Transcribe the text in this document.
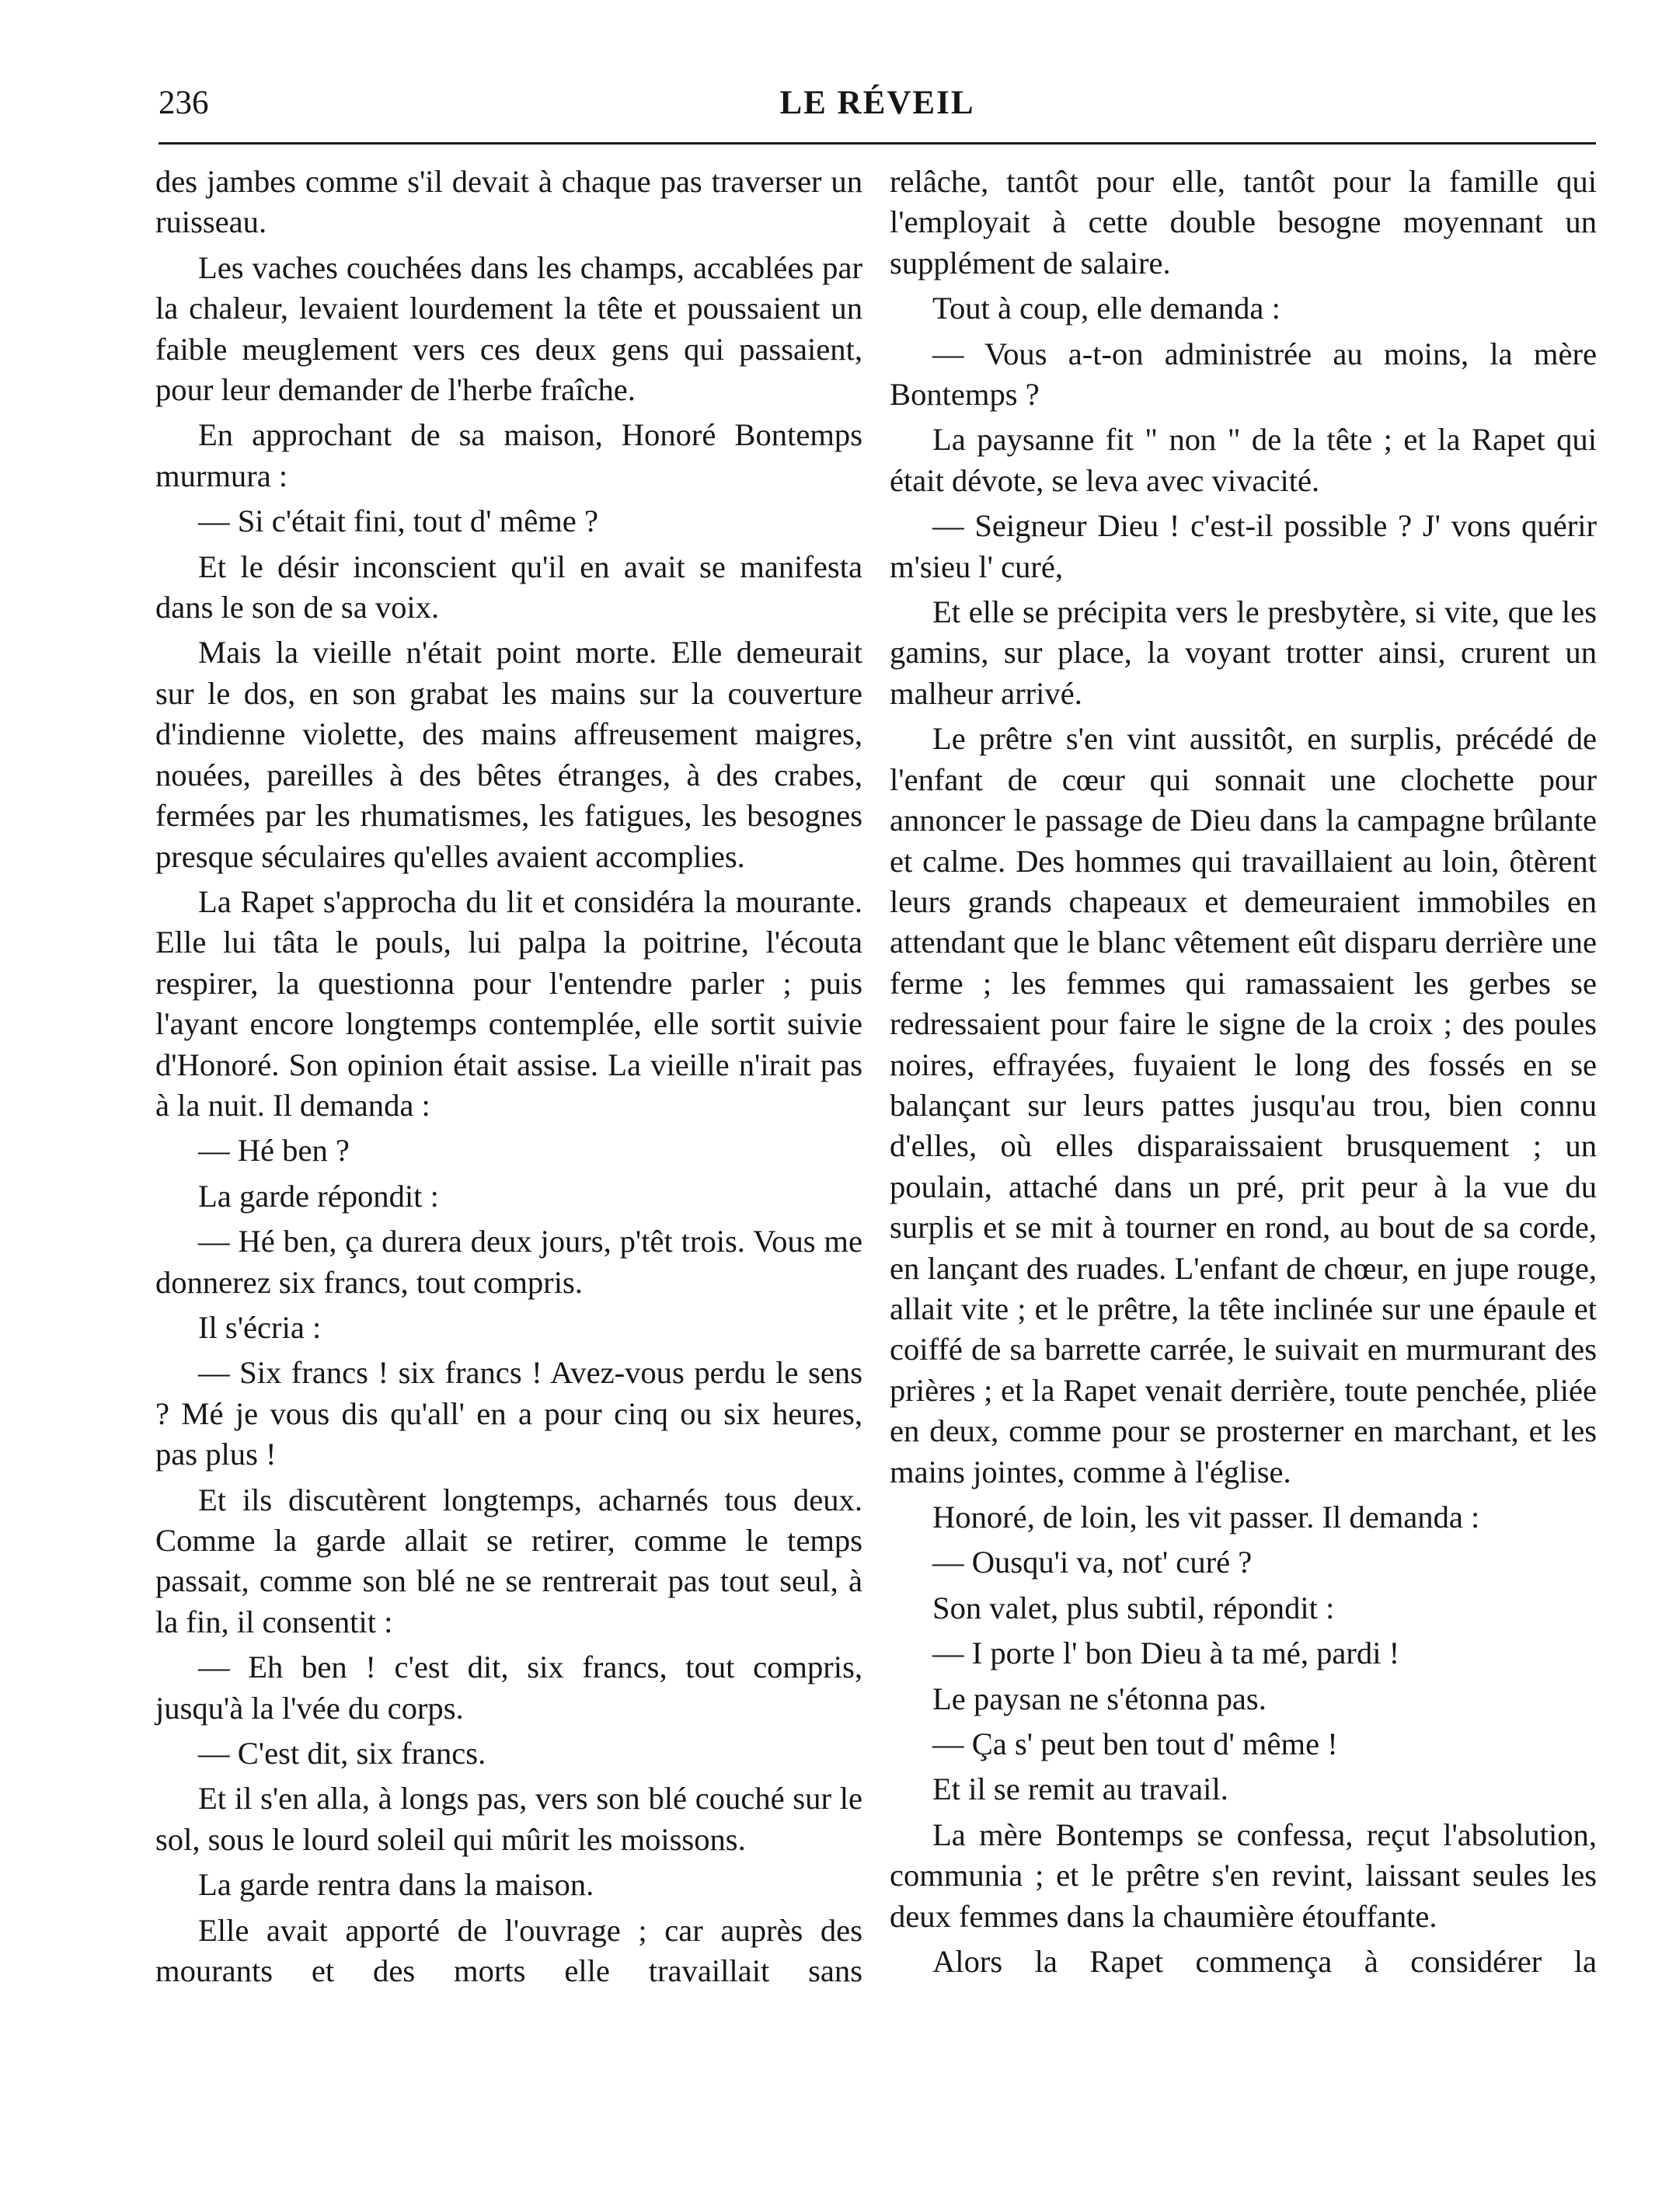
236	LE RÉVEIL

des jambes comme s'il devait à chaque pas traverser un ruisseau.

Les vaches couchées dans les champs, accablées par la chaleur, levaient lourdement la tête et poussaient un faible meuglement vers ces deux gens qui passaient, pour leur demander de l'herbe fraîche.

En approchant de sa maison, Honoré Bontemps murmura :

— Si c'était fini, tout d' même ?

Et le désir inconscient qu'il en avait se manifesta dans le son de sa voix.

Mais la vieille n'était point morte. Elle demeurait sur le dos, en son grabat les mains sur la couverture d'indienne violette, des mains affreusement maigres, nouées, pareilles à des bêtes étranges, à des crabes, fermées par les rhumatismes, les fatigues, les besognes presque séculaires qu'elles avaient accomplies.

La Rapet s'approcha du lit et considéra la mourante. Elle lui tâta le pouls, lui palpa la poitrine, l'écouta respirer, la questionna pour l'entendre parler ; puis l'ayant encore longtemps contemplée, elle sortit suivie d'Honoré. Son opinion était assise. La vieille n'irait pas à la nuit. Il demanda :

— Hé ben ?

La garde répondit :

— Hé ben, ça durera deux jours, p'têt trois. Vous me donnerez six francs, tout compris.

Il s'écria :

— Six francs ! six francs ! Avez-vous perdu le sens ? Mé je vous dis qu'all' en a pour cinq ou six heures, pas plus !

Et ils discutèrent longtemps, acharnés tous deux. Comme la garde allait se retirer, comme le temps passait, comme son blé ne se rentrerait pas tout seul, à la fin, il consentit :

— Eh ben ! c'est dit, six francs, tout compris, jusqu'à la l'vée du corps.

— C'est dit, six francs.

Et il s'en alla, à longs pas, vers son blé couché sur le sol, sous le lourd soleil qui mûrit les moissons.

La garde rentra dans la maison.

Elle avait apporté de l'ouvrage ; car auprès des mourants et des morts elle travaillait sans

relâche, tantôt pour elle, tantôt pour la famille qui l'employait à cette double besogne moyennant un supplément de salaire.

Tout à coup, elle demanda :

— Vous a-t-on administrée au moins, la mère Bontemps ?

La paysanne fit " non " de la tête ; et la Rapet qui était dévote, se leva avec vivacité.

— Seigneur Dieu ! c'est-il possible ? J' vons quérir m'sieu l' curé,

Et elle se précipita vers le presbytère, si vite, que les gamins, sur place, la voyant trotter ainsi, crurent un malheur arrivé.

Le prêtre s'en vint aussitôt, en surplis, précédé de l'enfant de cœur qui sonnait une clochette pour annoncer le passage de Dieu dans la campagne brûlante et calme. Des hommes qui travaillaient au loin, ôtèrent leurs grands chapeaux et demeuraient immobiles en attendant que le blanc vêtement eût disparu derrière une ferme ; les femmes qui ramassaient les gerbes se redressaient pour faire le signe de la croix ; des poules noires, effrayées, fuyaient le long des fossés en se balançant sur leurs pattes jusqu'au trou, bien connu d'elles, où elles disparaissaient brusquement ; un poulain, attaché dans un pré, prit peur à la vue du surplis et se mit à tourner en rond, au bout de sa corde, en lançant des ruades. L'enfant de chœur, en jupe rouge, allait vite ; et le prêtre, la tête inclinée sur une épaule et coiffé de sa barrette carrée, le suivait en murmurant des prières ; et la Rapet venait derrière, toute penchée, pliée en deux, comme pour se prosterner en marchant, et les mains jointes, comme à l'église.

Honoré, de loin, les vit passer. Il demanda :

— Ousqu'i va, not' curé ?

Son valet, plus subtil, répondit :

— I porte l' bon Dieu à ta mé, pardi !

Le paysan ne s'étonna pas.

— Ça s' peut ben tout d' même !

Et il se remit au travail.

La mère Bontemps se confessa, reçut l'absolution, communia ; et le prêtre s'en revint, laissant seules les deux femmes dans la chaumière étouffante.

Alors la Rapet commença à considérer la
